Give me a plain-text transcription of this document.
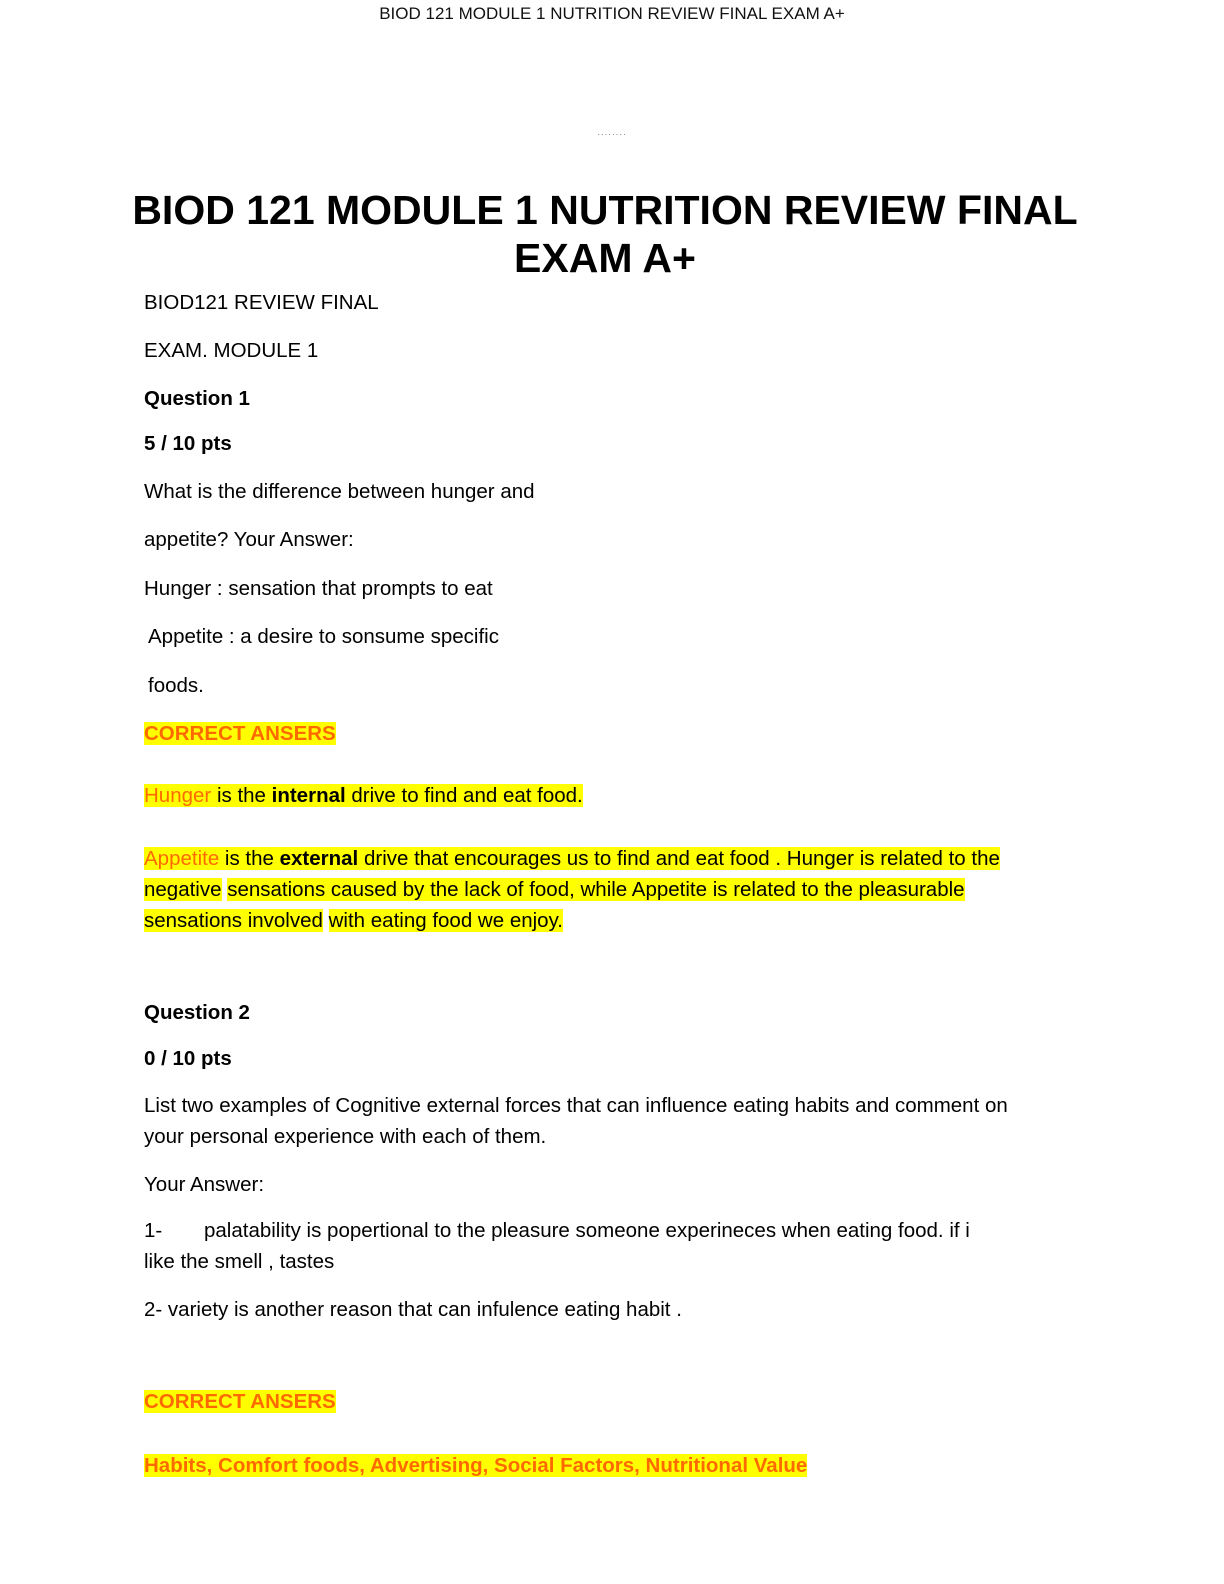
BIOD 121 MODULE 1 NUTRITION REVIEW FINAL EXAM A+
········
BIOD 121 MODULE 1 NUTRITION REVIEW FINAL
EXAM A+
BIOD121 REVIEW FINAL
EXAM. MODULE 1
Question 1
5 / 10 pts
What is the difference between hunger and
appetite? Your Answer:
Hunger : sensation that prompts to eat
Appetite : a desire to sonsume specific
foods.
CORRECT ANSERS
Hunger is the internal drive to find and eat food.
Appetite is the external drive that encourages us to find and eat food . Hunger is related to the
negative sensations caused by the lack of food, while Appetite is related to the pleasurable
sensations involved with eating food we enjoy.
Question 2
0 / 10 pts
List two examples of Cognitive external forces that can influence eating habits and comment on
your personal experience with each of them.
Your Answer:
1- palatability is popertional to the pleasure someone experineces when eating food. if i
like the smell , tastes
2- variety is another reason that can infulence eating habit .
CORRECT ANSERS
Habits, Comfort foods, Advertising, Social Factors, Nutritional Value
